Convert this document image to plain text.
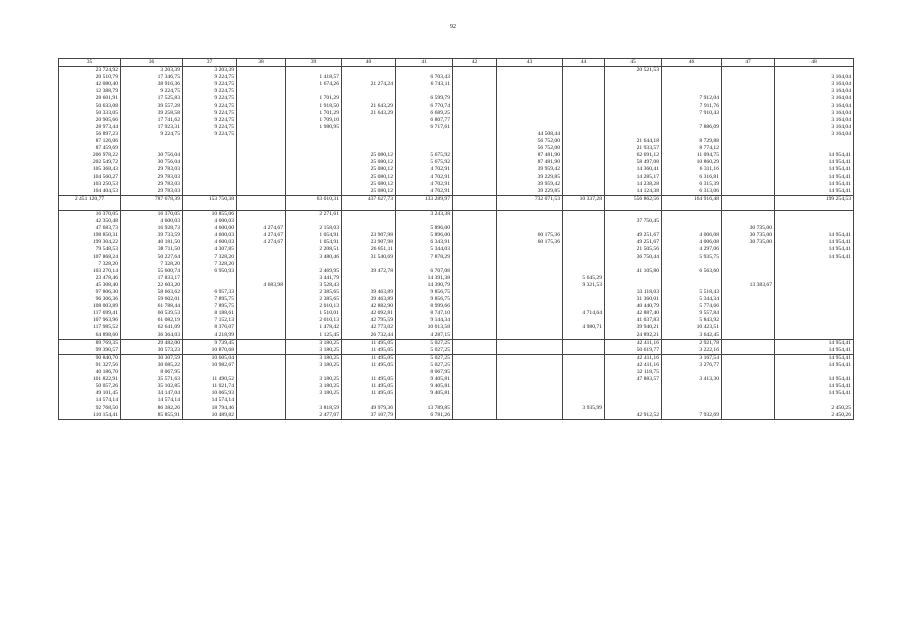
92
35	36	37	38	39	40	41	42	43	44	45	46	47	48
23 724,92	3 203,39	3 203,39								20 521,53			
20 510,79	17 346,75	9 224,75		1 418,57		6 703,43							3 164,04
42 080,40	38 916,36	9 224,75		1 674,26	21 274,24	6 743,11							3 164,04
12 388,79	9 224,75	9 224,75											3 164,04
28 601,91	17 525,83	9 224,75		1 701,29		6 599,79					7 912,04		3 164,04
50 633,08	39 557,28	9 224,75		1 918,50	21 643,29	6 770,74					7 911,76		3 164,04
50 333,05	39 258,58	9 224,75		1 701,29	21 643,29	6 689,25					7 910,43		3 164,04
20 905,66	17 741,62	9 224,75		1 709,10		6 807,77							3 164,04
28 973,44	17 923,31	9 224,75		1 980,95		6 717,61					7 886,09		3 164,04
56 897,23	9 224,75	9 224,75						44 508,44					3 164,04
87 126,06								56 752,00		21 644,18	8 729,88		
87 459,69								56 752,00		21 933,57	8 774,12		
206 978,22	30 756,04				25 080,12	5 675,92		87 481,90		62 691,12	11 094,75		14 954,41
202 549,72	30 756,04				25 080,12	5 675,92		87 481,90		58 497,08	10 860,29		14 954,41
105 368,43	29 783,03				25 080,12	4 702,91		39 959,42		14 360,41	6 311,16		14 954,41
104 560,27	29 783,03				25 080,12	4 702,91		39 229,85		14 285,17	6 316,81		14 954,41
103 250,53	29 783,03				25 080,12	4 702,91		39 959,42		14 238,28	6 315,39		14 954,41
104 404,53	29 783,03				25 080,12	4 702,91		39 229,85		14 124,38	6 313,06		14 954,41
2 451 120,77	787 678,39	153 750,38		63 010,31	437 627,73	133 289,97		732 071,53	10 337,28	556 862,56	164 916,48		199 254,53

16 370,05	16 370,05	10 855,06		2 271,61		3 243,38							
42 350,48	4 600,03	4 600,03								37 750,45			
47 683,73	16 928,73	4 600,00	4 274,67	2 158,03		5 896,00						30 735,00	
198 850,31	39 733,59	4 600,03	4 274,67	1 054,91	23 907,98	5 896,00		60 175,36		49 251,67	4 006,08	30 735,00	14 954,41
199 304,22	40 181,50	4 600,03	4 274,67	1 054,91	23 907,98	6 343,91		60 175,36		49 251,67	4 006,08	30 735,00	14 954,41
79 548,53	38 711,50	4 307,85		2 208,51	26 851,11	5 344,03				21 505,56	4 297,06		14 954,41
107 868,24	50 227,64	7 328,20		3 480,46	31 540,69	7 878,29				36 750,44	5 935,75		14 954,41
7 328,20	7 328,20	7 328,20											
103 270,14	55 600,74	6 950,93		2 469,95	39 472,78	6 707,08				41 105,80	6 563,60		
23 478,46	17 833,17			3 441,79		14 391,38			5 645,29				
45 308,40	22 603,20		4 683,98	3 528,43		14 390,79			9 321,53			13 383,67	
97 806,30	58 663,62	6 957,33		2 385,65	39 463,89	9 856,75				33 118,03	5 518,43		
96 306,36	59 602,01	7 895,75		2 385,65	39 463,89	9 856,75				31 360,01	5 344,34		
108 003,89	61 788,44	7 895,75		2 010,13	42 882,90	8 999,66				40 440,79	5 774,66		
117 699,41	60 539,53	8 188,61		1 510,01	42 092,81	8 747,10			4 714,64	42 887,40	9 557,84		
107 963,96	61 082,19	7 152,13		2 010,13	42 795,59	9 144,34				41 037,83	5 843,92		
117 985,52	62 641,09	8 376,07		1 478,42	42 773,02	10 013,58			4 980,71	39 940,21	10 423,51		
64 898,60	36 364,03	4 218,99		1 125,45	26 732,44	4 287,15				24 892,21	3 642,45		
89 769,35	29 482,00	9 739,45		3 180,25	11 495,05	5 027,25				42 411,16	2 921,78		14 954,41
99 390,57	30 573,23	10 870,68		3 180,25	11 495,05	5 027,25				50 619,77	3 222,16		14 954,41
90 840,70	30 307,59	10 605,04		3 180,25	11 495,05	5 027,25				42 411,16	3 167,54		14 954,41
91 327,56	30 685,22	10 982,67		3 180,25	11 495,05	5 027,25				42 411,16	3 276,77		14 954,41
40 186,70	8 067,95					8 067,95				32 118,75			
101 822,91	35 571,63	11 490,52		3 180,25	11 495,05	9 405,81				47 883,57	3 413,30		14 954,41
50 057,26	35 102,85	11 021,74		3 180,25	11 495,05	9 405,81							14 954,41
49 101,45	34 147,04	10 065,93		3 180,25	11 495,05	9 405,81							14 954,41
14 574,14	14 574,14	14 574,14											
92 768,50	86 382,26	18 794,46		3 818,59	49 979,36	13 789,85			3 935,99				2 450,25
110 154,41	85 855,91	10 489,82		2 477,07	37 107,79	6 781,26				42 912,52	7 932,69		2 450,26
